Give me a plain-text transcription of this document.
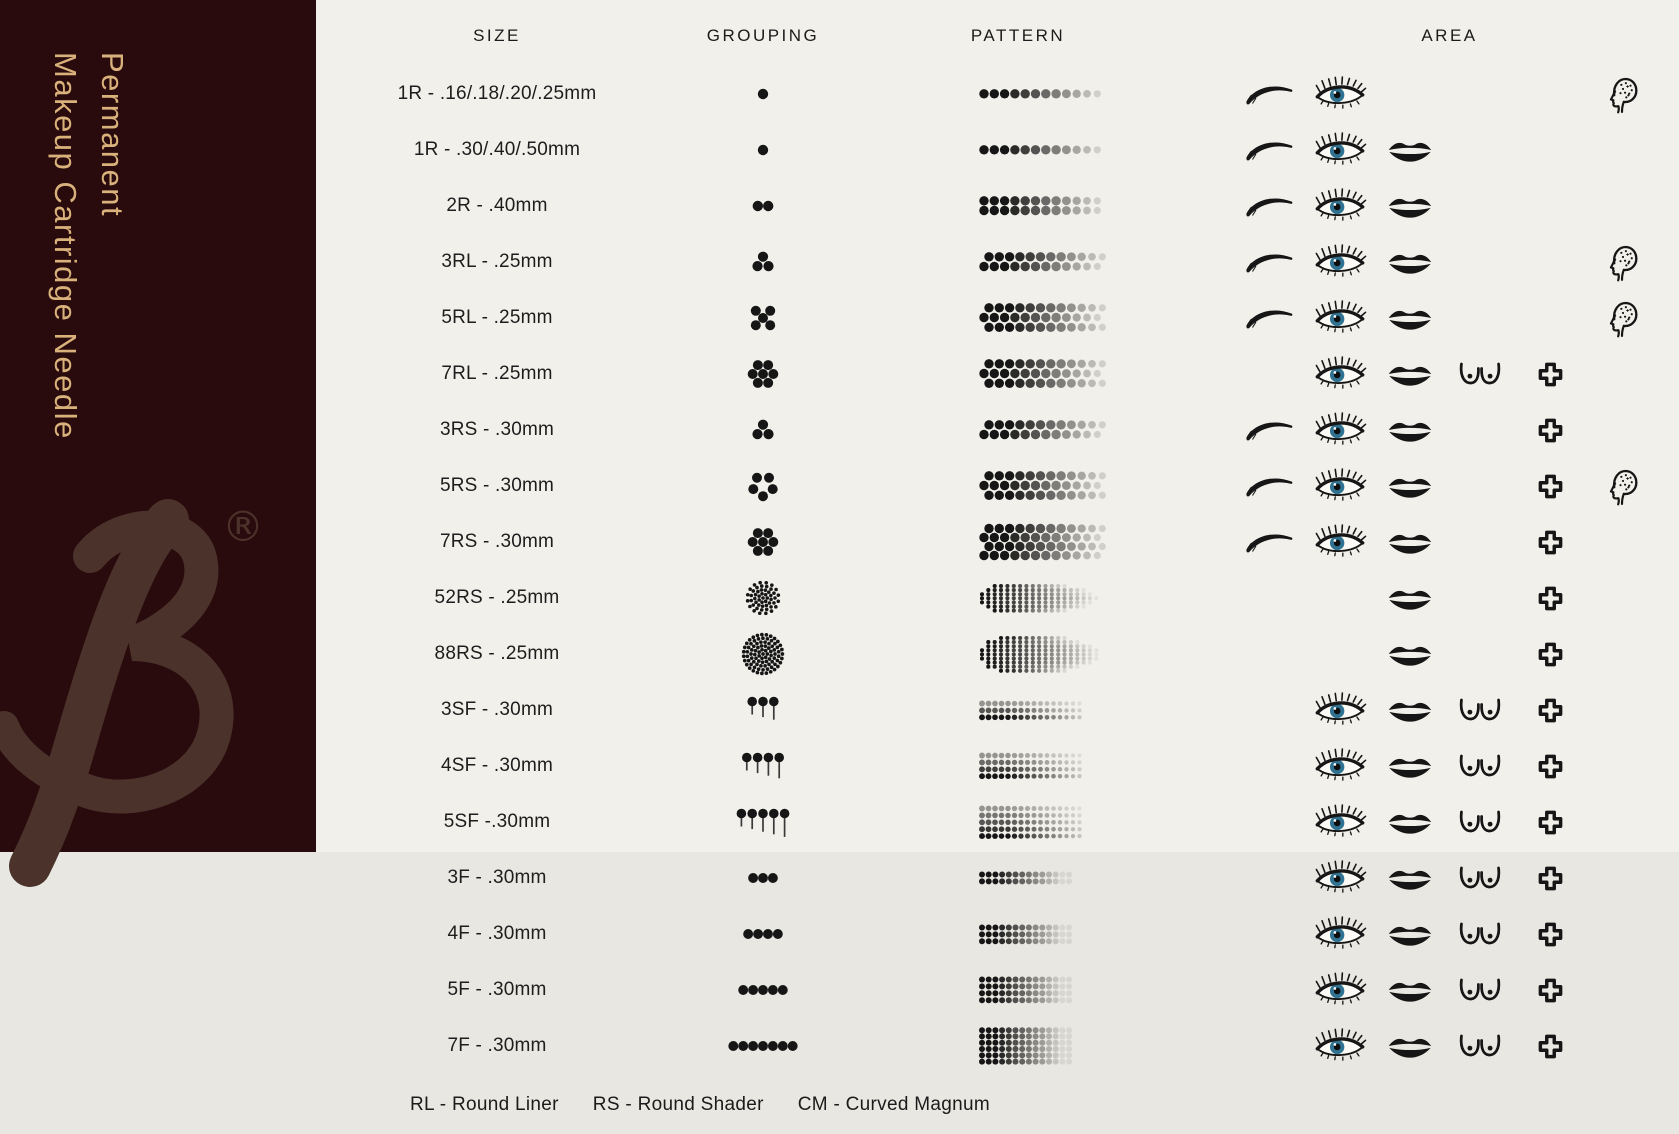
Permanent
Makeup Cartridge Needle
®
SIZE	GROUPING	PATTERN	AREA
1R - .16/.18/.20/.25mm
1R - .30/.40/.50mm
2R - .40mm
3RL - .25mm
5RL - .25mm
7RL - .25mm
3RS - .30mm
5RS - .30mm
7RS - .30mm
52RS - .25mm
88RS - .25mm
3SF - .30mm
4SF - .30mm
5SF -.30mm
3F - .30mm
4F - .30mm
5F - .30mm
7F - .30mm
RL - Round Liner RS - Round Shader CM - Curved Magnum
